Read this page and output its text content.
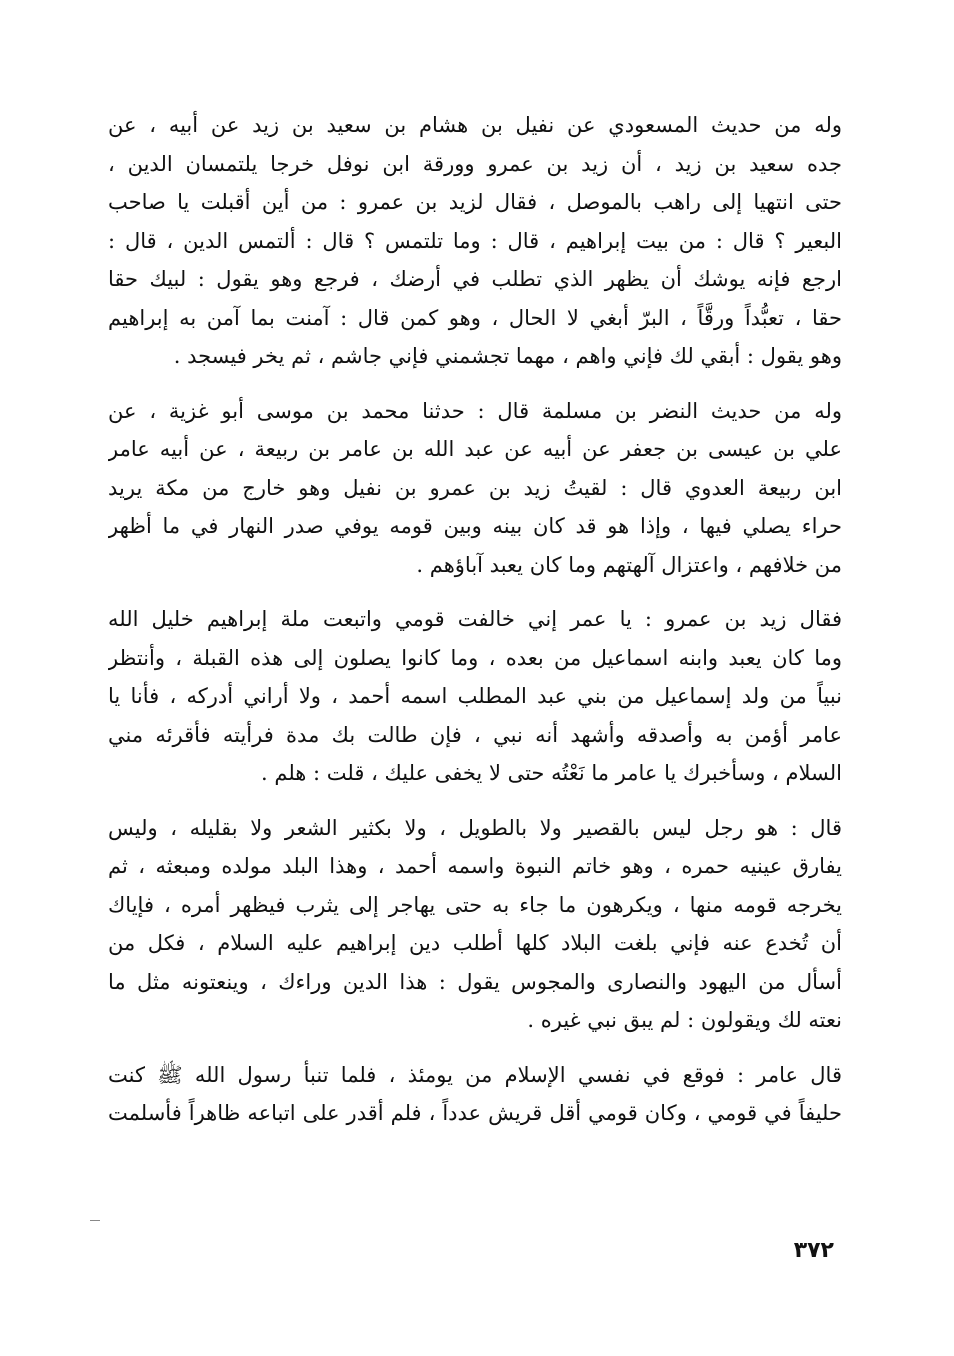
وله من حديث المسعودي عن نفيل بن هشام بن سعيد بن زيد عن أبيه ، عن
جده سعيد بن زيد ، أن زيد بن عمرو وورقة ابن نوفل خرجا يلتمسان الدين ،
حتى انتهيا إلى راهب بالموصل ، فقال لزيد بن عمرو : من أين أقبلت يا صاحب
البعير ؟ قال : من بيت إبراهيم ، قال : وما تلتمس ؟ قال : ألتمس الدين ، قال :
ارجع فإنه يوشك أن يظهر الذي تطلب في أرضك ، فرجع وهو يقول : لبيك حقا
حقا ، تعبُّداً ورقَّاً ، البرّ أبغي لا الحال ، وهو كمن قال : آمنت بما آمن به إبراهيم
وهو يقول : أبقي لك فإني واهم ، مهما تجشمني فإني جاشم ، ثم يخر فيسجد .
وله من حديث النضر بن مسلمة قال : حدثنا محمد بن موسى أبو غزية ، عن
علي بن عيسى بن جعفر عن أبيه عن عبد الله بن عامر بن ربيعة ، عن أبيه عامر
ابن ربيعة العدوي قال : لقيتُ زيد بن عمرو بن نفيل وهو خارج من مكة يريد
حراء يصلي فيها ، وإذا هو قد كان بينه وبين قومه يوفي صدر النهار في ما أظهر
من خلافهم ، واعتزال آلهتهم وما كان يعبد آباؤهم .
فقال زيد بن عمرو : يا عمر إني خالفت قومي واتبعت ملة إبراهيم خليل الله
وما كان يعبد وابنه اسماعيل من بعده ، وما كانوا يصلون إلى هذه القبلة ، وأنتظر
نبياً من ولد إسماعيل من بني عبد المطلب اسمه أحمد ، ولا أراني أدركه ، فأنا يا
عامر أؤمن به وأصدقه وأشهد أنه نبي ، فإن طالت بك مدة فرأيته فأقرئه مني
السلام ، وسأخبرك يا عامر ما نَعْتُه حتى لا يخفى عليك ، قلت : هلم .
قال : هو رجل ليس بالقصير ولا بالطويل ، ولا بكثير الشعر ولا بقليله ، وليس
يفارق عينيه حمره ، وهو خاتم النبوة واسمه أحمد ، وهذا البلد مولده ومبعثه ، ثم
يخرجه قومه منها ، ويكرهون ما جاء به حتى يهاجر إلى يثرب فيظهر أمره ، فإياك
أن تُخدع عنه فإني بلغت البلاد كلها أطلب دين إبراهيم عليه السلام ، فكل من
أسأل من اليهود والنصارى والمجوس يقول : هذا الدين وراءك ، وينعتونه مثل ما
نعته لك ويقولون : لم يبق نبي غيره .
قال عامر : فوقع في نفسي الإسلام من يومئذ ، فلما تنبأ رسول الله ﷺ كنت
حليفاً في قومي ، وكان قومي أقل قريش عدداً ، فلم أقدر على اتباعه ظاهراً فأسلمت
٣٧٢
